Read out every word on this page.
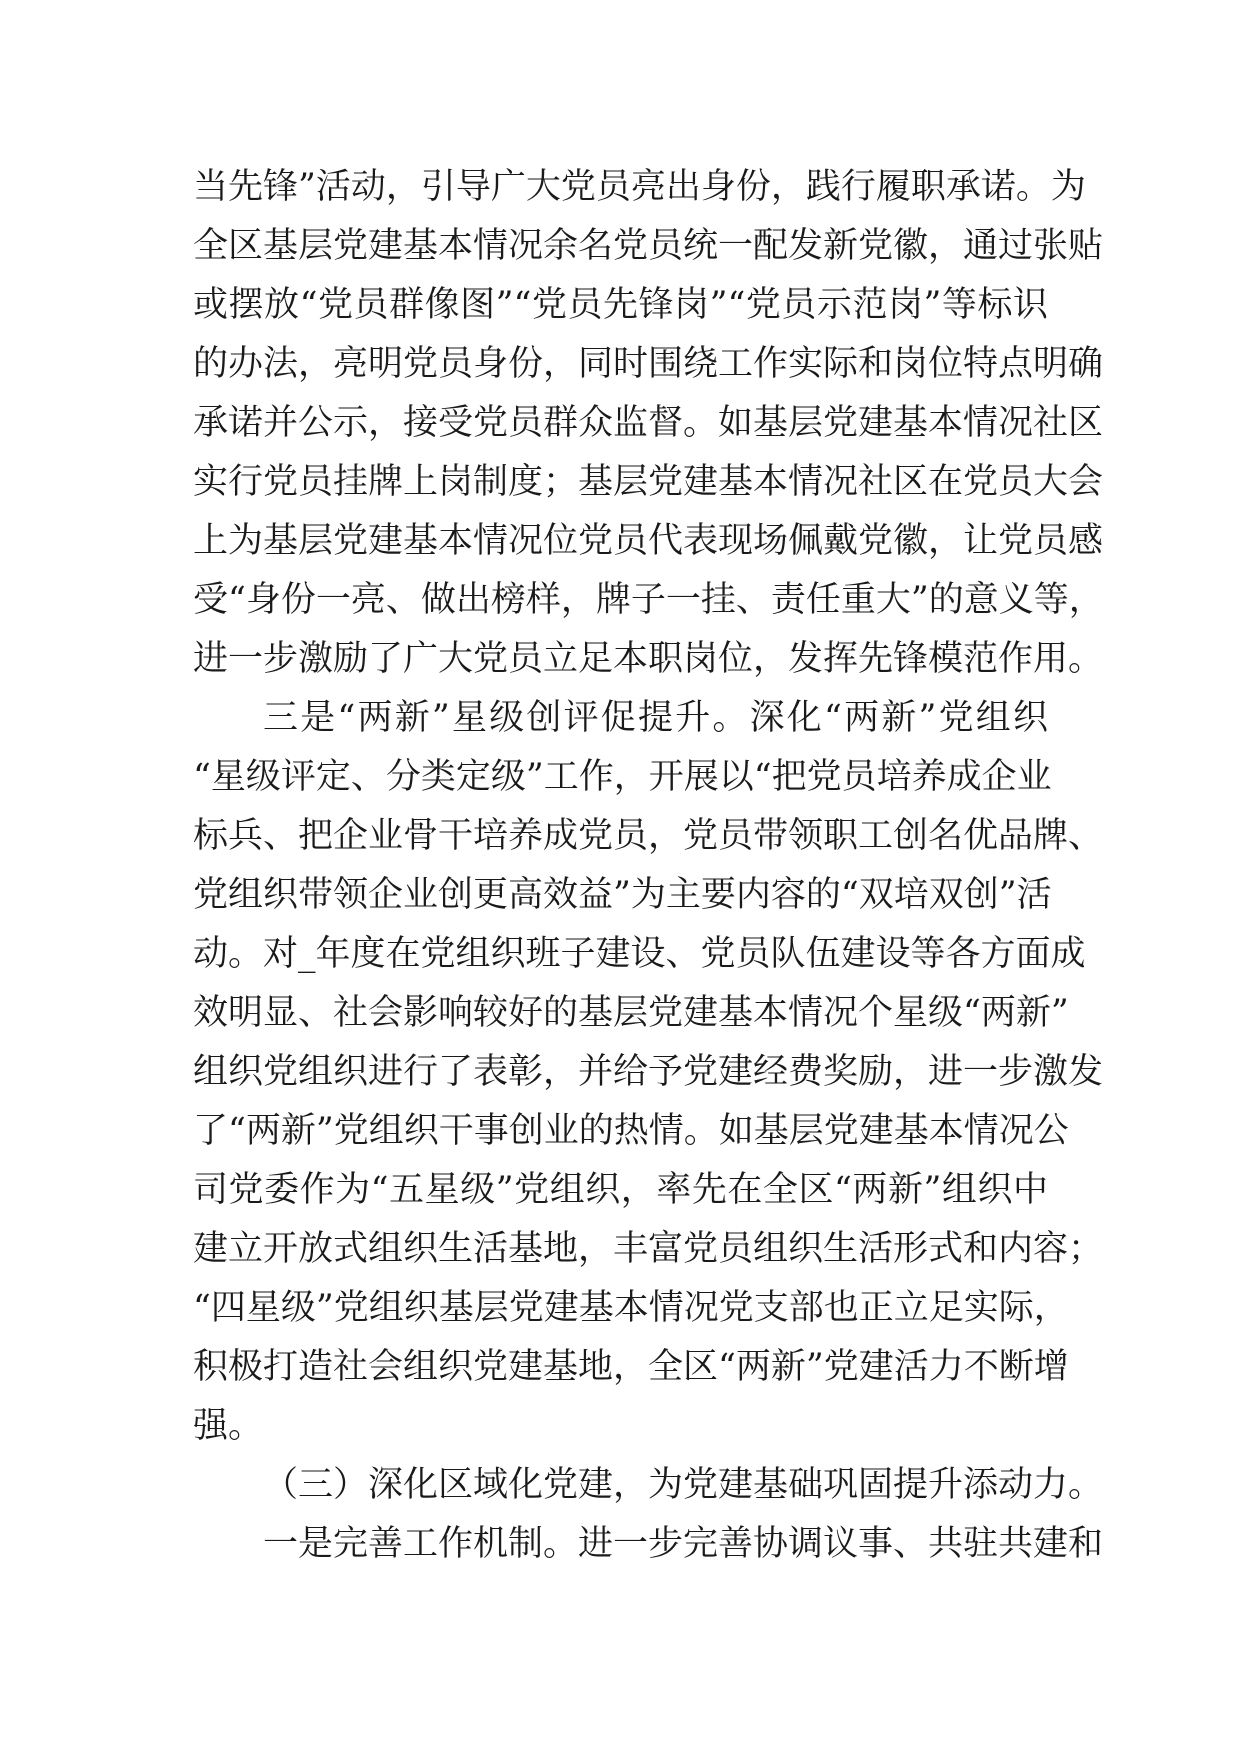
当先锋”活动，引导广大党员亮出身份，践行履职承诺。为
全区基层党建基本情况余名党员统一配发新党徽，通过张贴
或摆放“党员群像图”“党员先锋岗”“党员示范岗”等标识
的办法，亮明党员身份，同时围绕工作实际和岗位特点明确
承诺并公示，接受党员群众监督。如基层党建基本情况社区
实行党员挂牌上岗制度；基层党建基本情况社区在党员大会
上为基层党建基本情况位党员代表现场佩戴党徽，让党员感
受“身份一亮、做出榜样，牌子一挂、责任重大”的意义等，
进一步激励了广大党员立足本职岗位，发挥先锋模范作用。
三是“两新”星级创评促提升。深化“两新”党组织
“星级评定、分类定级”工作，开展以“把党员培养成企业
标兵、把企业骨干培养成党员，党员带领职工创名优品牌、
党组织带领企业创更高效益”为主要内容的“双培双创”活
动。对_年度在党组织班子建设、党员队伍建设等各方面成
效明显、社会影响较好的基层党建基本情况个星级“两新”
组织党组织进行了表彰，并给予党建经费奖励，进一步激发
了“两新”党组织干事创业的热情。如基层党建基本情况公
司党委作为“五星级”党组织，率先在全区“两新”组织中
建立开放式组织生活基地，丰富党员组织生活形式和内容；
“四星级”党组织基层党建基本情况党支部也正立足实际，
积极打造社会组织党建基地，全区“两新”党建活力不断增
强。
（三）深化区域化党建，为党建基础巩固提升添动力。
一是完善工作机制。进一步完善协调议事、共驻共建和
